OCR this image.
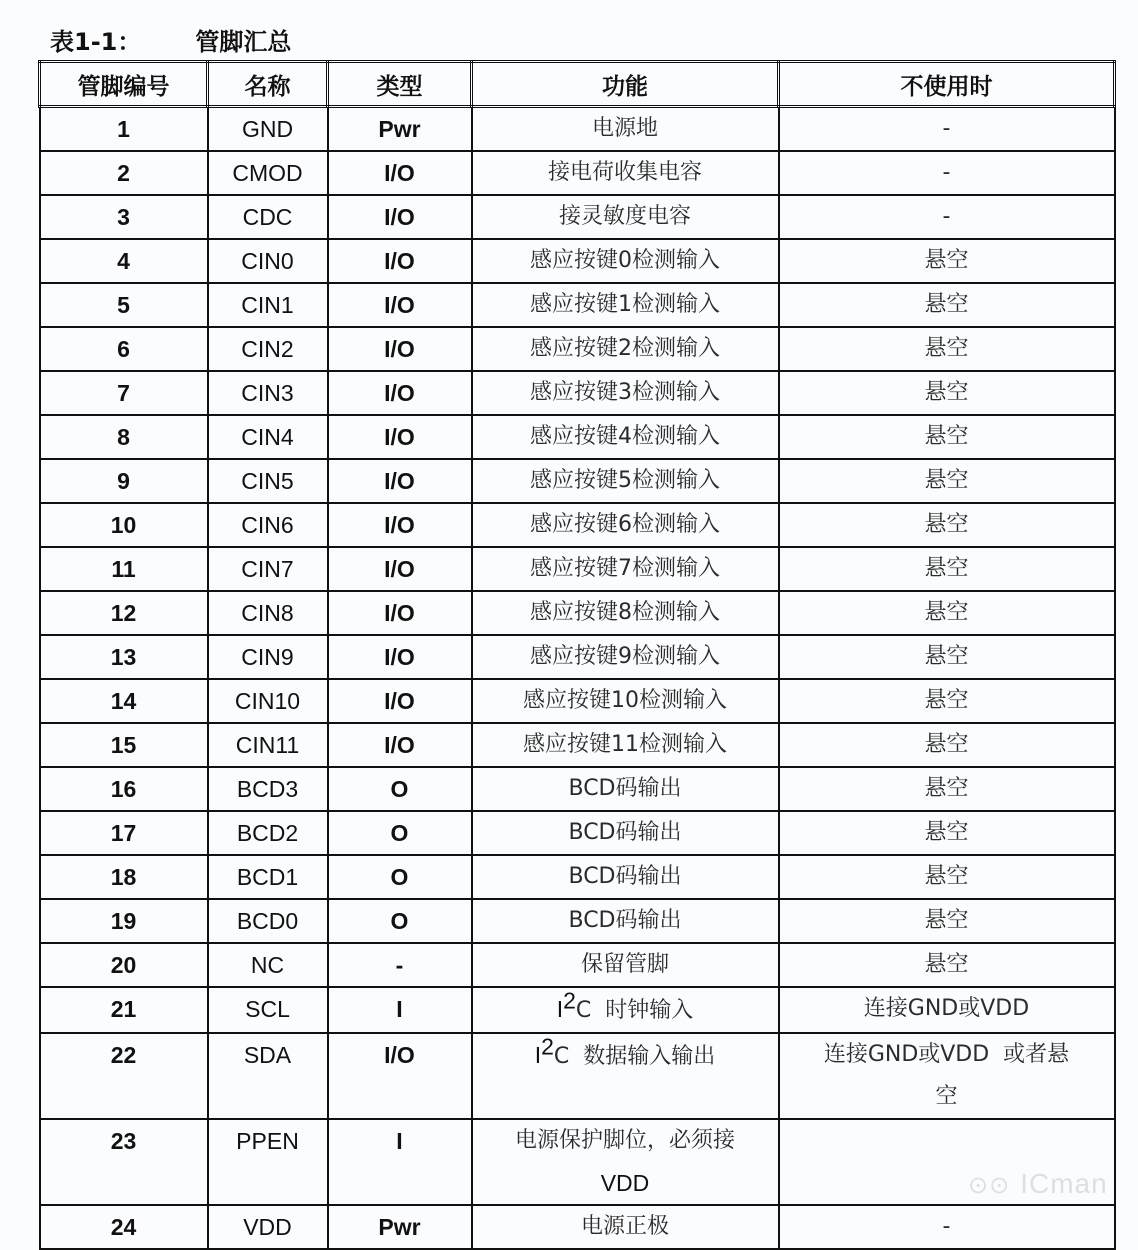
表1-1： 管脚汇总
管脚编号	名称	类型	功能	不使用时
1	GND	Pwr	电源地	-
2	CMOD	I/O	接电荷收集电容	-
3	CDC	I/O	接灵敏度电容	-
4	CIN0	I/O	感应按键0检测输入	悬空
5	CIN1	I/O	感应按键1检测输入	悬空
6	CIN2	I/O	感应按键2检测输入	悬空
7	CIN3	I/O	感应按键3检测输入	悬空
8	CIN4	I/O	感应按键4检测输入	悬空
9	CIN5	I/O	感应按键5检测输入	悬空
10	CIN6	I/O	感应按键6检测输入	悬空
11	CIN7	I/O	感应按键7检测输入	悬空
12	CIN8	I/O	感应按键8检测输入	悬空
13	CIN9	I/O	感应按键9检测输入	悬空
14	CIN10	I/O	感应按键10检测输入	悬空
15	CIN11	I/O	感应按键11检测输入	悬空
16	BCD3	O	BCD码输出	悬空
17	BCD2	O	BCD码输出	悬空
18	BCD1	O	BCD码输出	悬空
19	BCD0	O	BCD码输出	悬空
20	NC	-	保留管脚	悬空
21	SCL	I	$I^2C$  时钟输入	连接GND或VDD
22	SDA	I/O	$I^2C$  数据输入输出	连接GND或VDD  或者悬
空

23	PPEN	I	电源保护脚位，必须接
VDD	

24	VDD	Pwr	电源正极	-
⊙⊙ ICman
